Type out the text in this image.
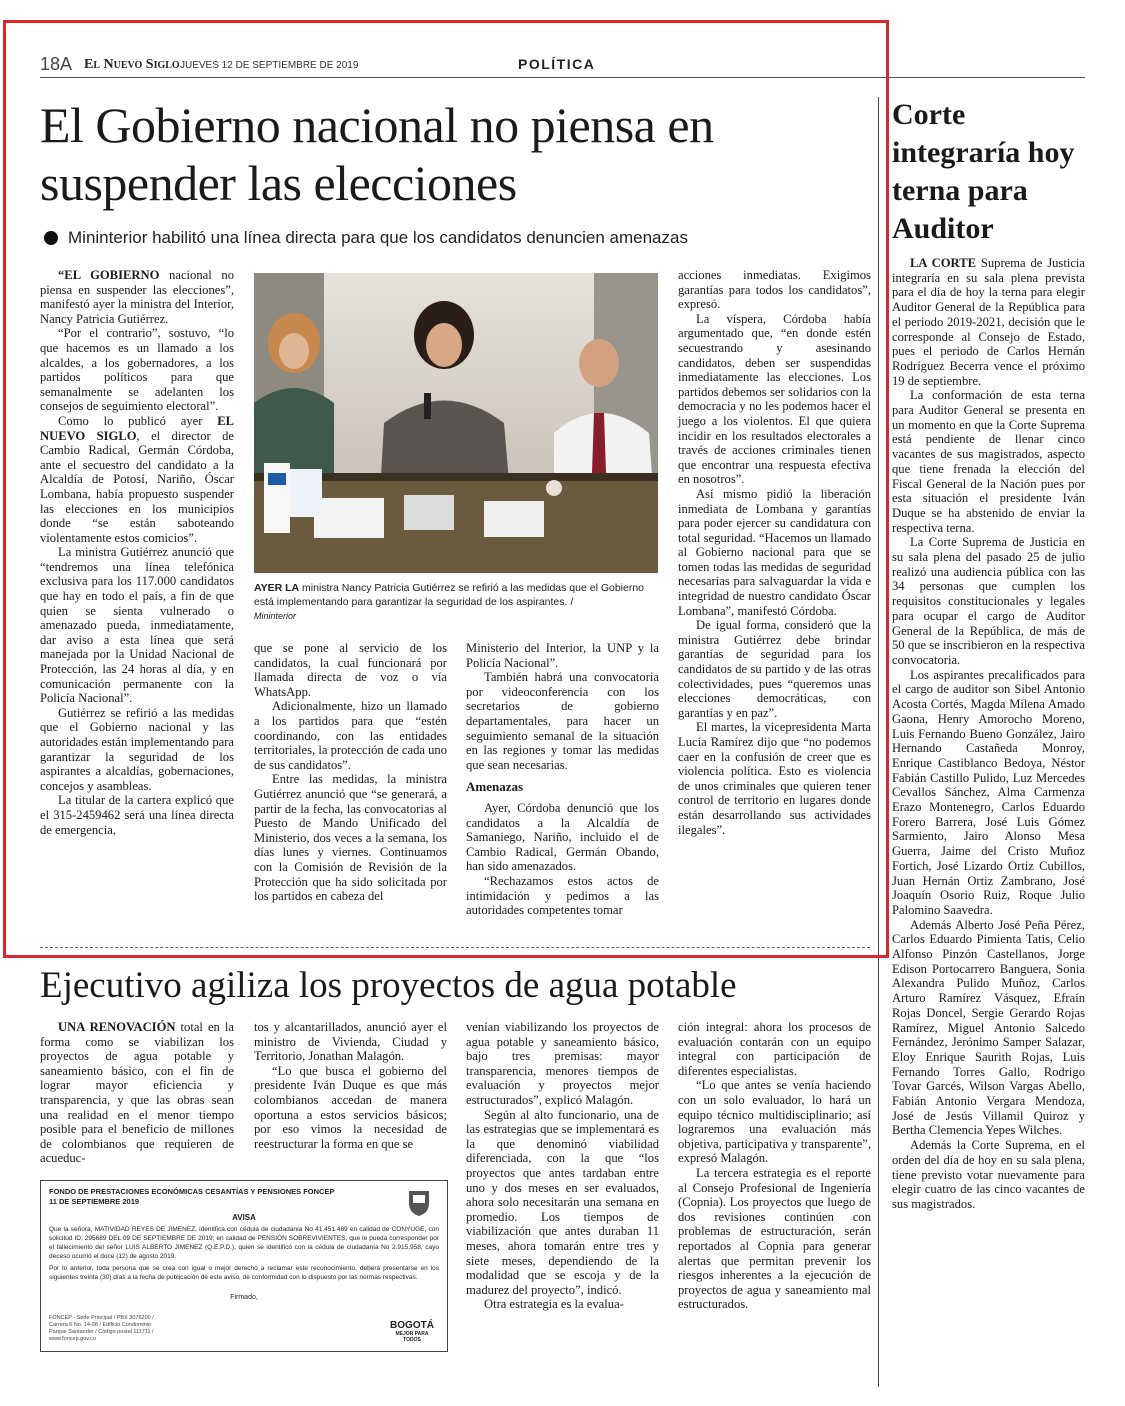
18A El Nuevo Siglo JUEVES 12 DE SEPTIEMBRE DE 2019	POLÍTICA
El Gobierno nacional no piensa en suspender las elecciones
Mininterior habilitó una línea directa para que los candidatos denuncien amenazas

“EL GOBIERNO nacional no piensa en suspender las elecciones”, manifestó ayer la ministra del Interior, Nancy Patricia Gutiérrez.

“Por el contrario”, sostuvo, “lo que hacemos es un llamado a los alcaldes, a los gobernadores, a los partidos políticos para que semanalmente se adelanten los consejos de seguimiento electoral”.

Como lo publicó ayer EL NUEVO SIGLO, el director de Cambio Radical, Germán Córdoba, ante el secuestro del candidato a la Alcaldía de Potosí, Nariño, Óscar Lombana, había propuesto suspender las elecciones en los municipios donde “se están saboteando violentamente estos comicios”.

La ministra Gutiérrez anunció que “tendremos una línea telefónica exclusiva para los 117.000 candidatos que hay en todo el país, a fin de que quien se sienta vulnerado o amenazado pueda, inmediatamente, dar aviso a esta línea que será manejada por la Unidad Nacional de Protección, las 24 horas al día, y en comunicación permanente con la Policía Nacional”.

Gutiérrez se refirió a las medidas que el Gobierno nacional y las autoridades están implementando para garantizar la seguridad de los aspirantes a alcaldías, gobernaciones, concejos y asambleas.

La titular de la cartera explicó que el 315-2459462 será una línea directa de emergencia,

AYER LA ministra Nancy Patricia Gutiérrez se refirió a las medidas que el Gobierno está implementando para garantizar la seguridad de los aspirantes. /
Mininterior

que se pone al servicio de los candidatos, la cual funcionará por llamada directa de voz o vía WhatsApp.

Adicionalmente, hizo un llamado a los partidos para que “estén coordinando, con las entidades territoriales, la protección de cada uno de sus candidatos”.

Entre las medidas, la ministra Gutiérrez anunció que “se generará, a partir de la fecha, las convocatorias al Puesto de Mando Unificado del Ministerio, dos veces a la semana, los días lunes y viernes. Continuamos con la Comisión de Revisión de la Protección que ha sido solicitada por los partidos en cabeza del

Ministerio del Interior, la UNP y la Policía Nacional”.

También habrá una convocatoria por videoconferencia con los secretarios de gobierno departamentales, para hacer un seguimiento semanal de la situación en las regiones y tomar las medidas que sean necesarias.

Amenazas

Ayer, Córdoba denunció que los candidatos a la Alcaldía de Samaniego, Nariño, incluido el de Cambio Radical, Germán Obando, han sido amenazados.

“Rechazamos estos actos de intimidación y pedimos a las autoridades competentes tomar

acciones inmediatas. Exigimos garantías para todos los candidatos”, expresó.

La víspera, Córdoba había argumentado que, “en donde estén secuestrando y asesinando candidatos, deben ser suspendidas inmediatamente las elecciones. Los partidos debemos ser solidarios con la democracia y no les podemos hacer el juego a los violentos. El que quiera incidir en los resultados electorales a través de acciones criminales tienen que encontrar una respuesta efectiva en nosotros”.

Así mismo pidió la liberación inmediata de Lombana y garantías para poder ejercer su candidatura con total seguridad. “Hacemos un llamado al Gobierno nacional para que se tomen todas las medidas de seguridad necesarias para salvaguardar la vida e integridad de nuestro candidato Óscar Lombana”, manifestó Córdoba.

De igual forma, consideró que la ministra Gutiérrez debe brindar garantías de seguridad para los candidatos de su partido y de las otras colectividades, pues “queremos unas elecciones democráticas, con garantías y en paz”.

El martes, la vicepresidenta Marta Lucía Ramírez dijo que “no podemos caer en la confusión de creer que es violencia política. Esto es violencia de unos criminales que quieren tener control de territorio en lugares donde están desarrollando sus actividades ilegales”.

Ejecutivo agiliza los proyectos de agua potable

UNA RENOVACIÓN total en la forma como se viabilizan los proyectos de agua potable y saneamiento básico, con el fin de lograr mayor eficiencia y transparencia, y que las obras sean una realidad en el menor tiempo posible para el beneficio de millones de colombianos que requieren de acueduc-

tos y alcantarillados, anunció ayer el ministro de Vivienda, Ciudad y Territorio, Jonathan Malagón.

“Lo que busca el gobierno del presidente Iván Duque es que más colombianos accedan de manera oportuna a estos servicios básicos; por eso vimos la necesidad de reestructurar la forma en que se

venían viabilizando los proyectos de agua potable y saneamiento básico, bajo tres premisas: mayor transparencia, menores tiempos de evaluación y proyectos mejor estructurados”, explicó Malagón.

Según al alto funcionario, una de las estrategias que se implementará es la que denominó viabilidad diferenciada, con la que “los proyectos que antes tardaban entre uno y dos meses en ser evaluados, ahora solo necesitarán una semana en promedio. Los tiempos de viabilización que antes duraban 11 meses, ahora tomarán entre tres y siete meses, dependiendo de la modalidad que se escoja y de la madurez del proyecto”, indicó.

Otra estrategia es la evalua-

ción integral: ahora los procesos de evaluación contarán con un equipo integral con participación de diferentes especialistas.

“Lo que antes se venía haciendo con un solo evaluador, lo hará un equipo técnico multidisciplinario; así lograremos una evaluación más objetiva, participativa y transparente”, expresó Malagón.

La tercera estrategia es el reporte al Consejo Profesional de Ingeniería (Copnia). Los proyectos que luego de dos revisiones continúen con problemas de estructuración, serán reportados al Copnia para generar alertas que permitan prevenir los riesgos inherentes a la ejecución de proyectos de agua y saneamiento mal estructurados.

FONDO DE PRESTACIONES ECONÓMICAS CESANTÍAS Y PENSIONES FONCEP
11 DE SEPTIEMBRE 2019
AVISA
Que la señora, MATIVIDAD REYES DE JIMENEZ, identifica con cédula de ciudadanía No 41.451.489 en calidad de CONYUGE, con solicitud ID: 295689 DEL 09 DE SEPTIEMBRE DE 2019; en calidad de PENSIÓN SOBREVIVIENTES, que le pueda corresponder por el fallecimiento del señor LUIS ALBERTO JIMENEZ (Q.E.P.D.), quien se identificó con la cédula de ciudadanía No 2.915.958, cayo deceso ocurrió el doce (12) de agosto 2019.
Por lo anterior, toda persona que se crea con igual o mejor derecho a reclamar este reconocimiento, deberá presentarse en los siguientes treinta (30) días a la fecha de publicación de este aviso, de conformidad con lo dispuesto por las normas respectivas.
Firmado,
FONCEP - Sede Principal / PBX 3076200 / Carrera 6 No. 14-98 / Edificio Condominio Parque Santander / Código postal 111711 / www.foncep.gov.co
BOGOTÁ
MEJOR PARA TODOS
Corte integraría hoy terna para Auditor

LA CORTE Suprema de Justicia integraría en su sala plena prevista para el día de hoy la terna para elegir Auditor General de la República para el periodo 2019-2021, decisión que le corresponde al Consejo de Estado, pues el periodo de Carlos Hernán Rodríguez Becerra vence el próximo 19 de septiembre.

La conformación de esta terna para Auditor General se presenta en un momento en que la Corte Suprema está pendiente de llenar cinco vacantes de sus magistrados, aspecto que tiene frenada la elección del Fiscal General de la Nación pues por esta situación el presidente Iván Duque se ha abstenido de enviar la respectiva terna.

La Corte Suprema de Justicia en su sala plena del pasado 25 de julio realizó una audiencia pública con las 34 personas que cumplen los requisitos constitucionales y legales para ocupar el cargo de Auditor General de la República, de más de 50 que se inscribieron en la respectiva convocatoria.

Los aspirantes precalificados para el cargo de auditor son Sibel Antonio Acosta Cortés, Magda Milena Amado Gaona, Henry Amorocho Moreno, Luis Fernando Bueno González, Jairo Hernando Castañeda Monroy, Enrique Castiblanco Bedoya, Néstor Fabián Castillo Pulido, Luz Mercedes Cevallos Sánchez, Alma Carmenza Erazo Montenegro, Carlos Eduardo Forero Barrera, José Luis Gómez Sarmiento, Jairo Alonso Mesa Guerra, Jaime del Cristo Muñoz Fortich, José Lizardo Ortiz Cubillos, Juan Hernán Ortiz Zambrano, José Joaquín Osorio Ruiz, Roque Julio Palomino Saavedra.

Además Alberto José Peña Pérez, Carlos Eduardo Pimienta Tatis, Celio Alfonso Pinzón Castellanos, Jorge Edison Portocarrero Banguera, Sonia Alexandra Pulido Muñoz, Carlos Arturo Ramírez Vásquez, Efraín Rojas Doncel, Sergie Gerardo Rojas Ramírez, Miguel Antonio Salcedo Fernández, Jerónimo Samper Salazar, Eloy Enrique Saurith Rojas, Luis Fernando Torres Gallo, Rodrigo Tovar Garcés, Wilson Vargas Abello, Fabián Antonio Vergara Mendoza, José de Jesús Villamil Quiroz y Bertha Clemencia Yepes Wilches.

Además la Corte Suprema, en el orden del día de hoy en su sala plena, tiene previsto votar nuevamente para elegir cuatro de las cinco vacantes de sus magistrados.
